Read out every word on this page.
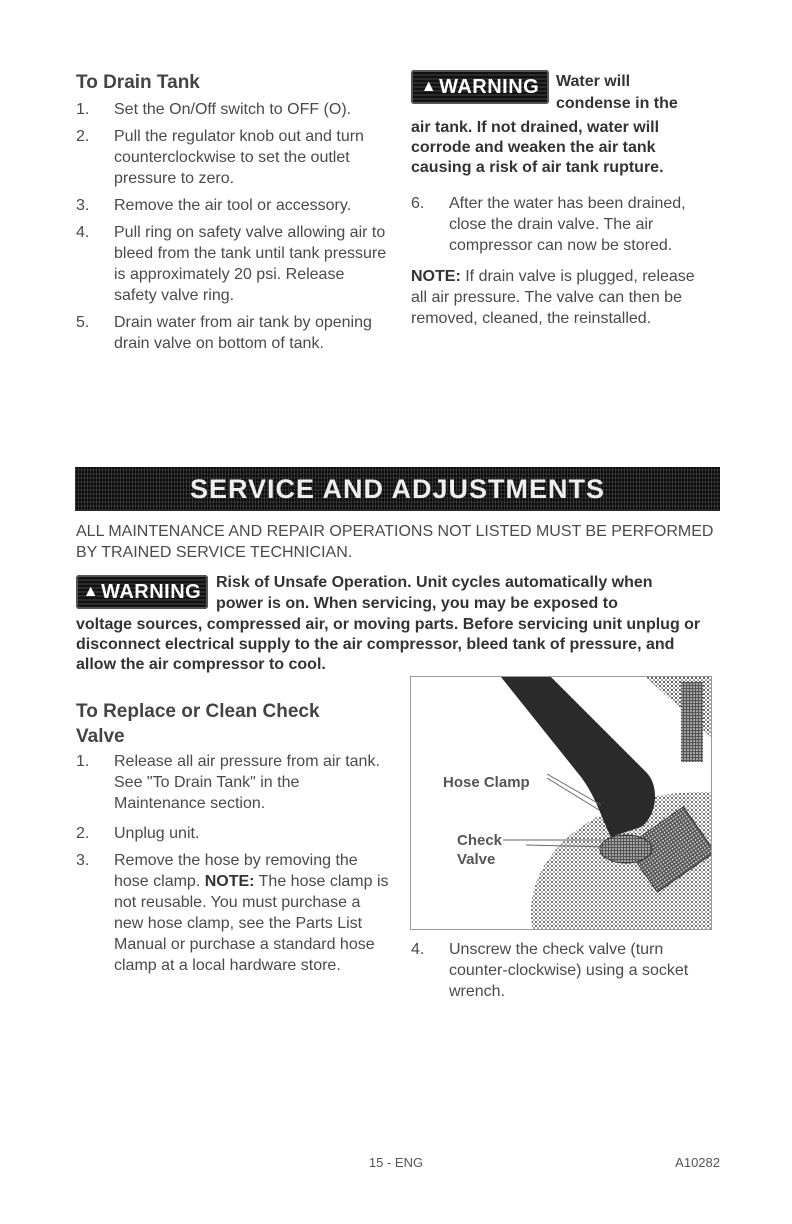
To Drain Tank
1. Set the On/Off switch to OFF (O).
2. Pull the regulator knob out and turn counterclockwise to set the outlet pressure to zero.
3. Remove the air tool or accessory.
4. Pull ring on safety valve allowing air to bleed from the tank until tank pressure is approximately 20 psi. Release safety valve ring.
5. Drain water from air tank by opening drain valve on bottom of tank.
▲ WARNING Water will
condense in the
air tank. If not drained, water will corrode and weaken the air tank causing a risk of air tank rupture.
6. After the water has been drained, close the drain valve. The air compressor can now be stored.
NOTE: If drain valve is plugged, release all air pressure. The valve can then be removed, cleaned, the reinstalled.
SERVICE AND ADJUSTMENTS
ALL MAINTENANCE AND REPAIR OPERATIONS NOT LISTED MUST BE PERFORMED BY TRAINED SERVICE TECHNICIAN.
▲ WARNING Risk of Unsafe Operation. Unit cycles automatically when
power is on. When servicing, you may be exposed to
voltage sources, compressed air, or moving parts. Before servicing unit unplug or disconnect electrical supply to the air compressor, bleed tank of pressure, and allow the air compressor to cool.
To Replace or Clean Check
Valve
1. Release all air pressure from air tank. See "To Drain Tank" in the Maintenance section.
2. Unplug unit.
3. Remove the hose by removing the hose clamp. NOTE: The hose clamp is not reusable. You must purchase a new hose clamp, see the Parts List Manual or purchase a standard hose clamp at a local hardware store.
Hose Clamp
Check
Valve
4. Unscrew the check valve (turn counter-clockwise) using a socket wrench.
15 - ENG	A10282
